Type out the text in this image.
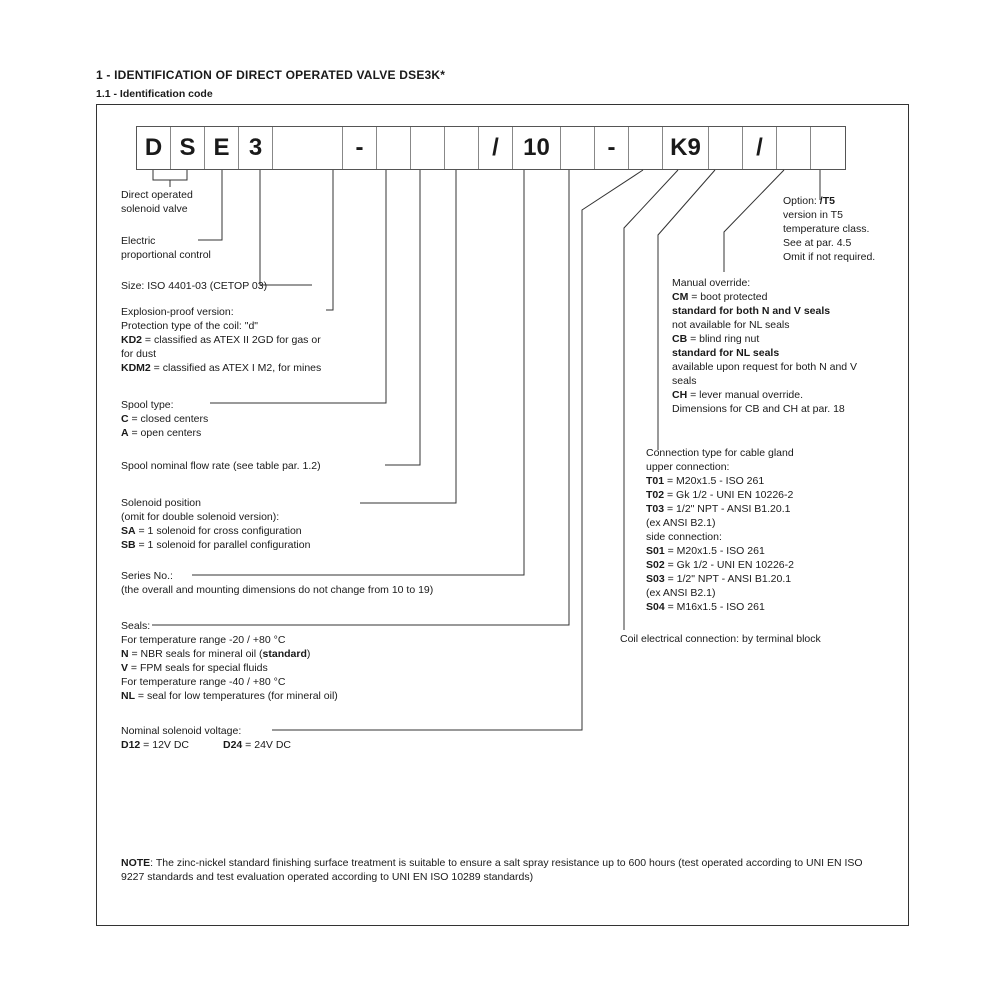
1 - IDENTIFICATION OF DIRECT OPERATED VALVE DSE3K*
1.1 - Identification code
D S E 3	-	/	10	-	K9	/
Direct operated
solenoid valve
Electric
proportional control
Size: ISO 4401-03 (CETOP 03)
Explosion-proof version:
Protection type of the coil: "d"
KD2 = classified as ATEX II 2GD for gas or
for dust
KDM2 = classified as ATEX I M2, for mines
Spool type:
C = closed centers
A = open centers
Spool nominal flow rate (see table par. 1.2)
Solenoid position
(omit for double solenoid version):
SA = 1 solenoid for cross configuration
SB = 1 solenoid for parallel configuration
Series No.:
(the overall and mounting dimensions do not change from 10 to 19)
Seals:
For temperature range -20 / +80 °C
N = NBR seals for mineral oil (standard)
V = FPM seals for special fluids
For temperature range -40 / +80 °C
NL = seal for low temperatures (for mineral oil)
Nominal solenoid voltage:
D12 = 12V DC	D24 = 24V DC
Option: /T5
version in T5
temperature class.
See at par. 4.5
Omit if not required.
Manual override:
CM = boot protected
standard for both N and V seals
not available for NL seals
CB = blind ring nut
standard for NL seals
available upon request for both N and V
seals
CH = lever manual override.
Dimensions for CB and CH at par. 18
Connection type for cable gland
upper connection:
T01 = M20x1.5 - ISO 261
T02 = Gk 1/2 - UNI EN 10226-2
T03 = 1/2" NPT - ANSI B1.20.1
(ex ANSI B2.1)
side connection:
S01 = M20x1.5 - ISO 261
S02 = Gk 1/2 - UNI EN 10226-2
S03 = 1/2" NPT - ANSI B1.20.1
(ex ANSI B2.1)
S04 = M16x1.5 - ISO 261
Coil electrical connection: by terminal block
NOTE: The zinc-nickel standard finishing surface treatment is suitable to ensure a salt spray resistance up to 600 hours (test operated according to UNI EN ISO 9227 standards and test evaluation operated according to UNI EN ISO 10289 standards)
